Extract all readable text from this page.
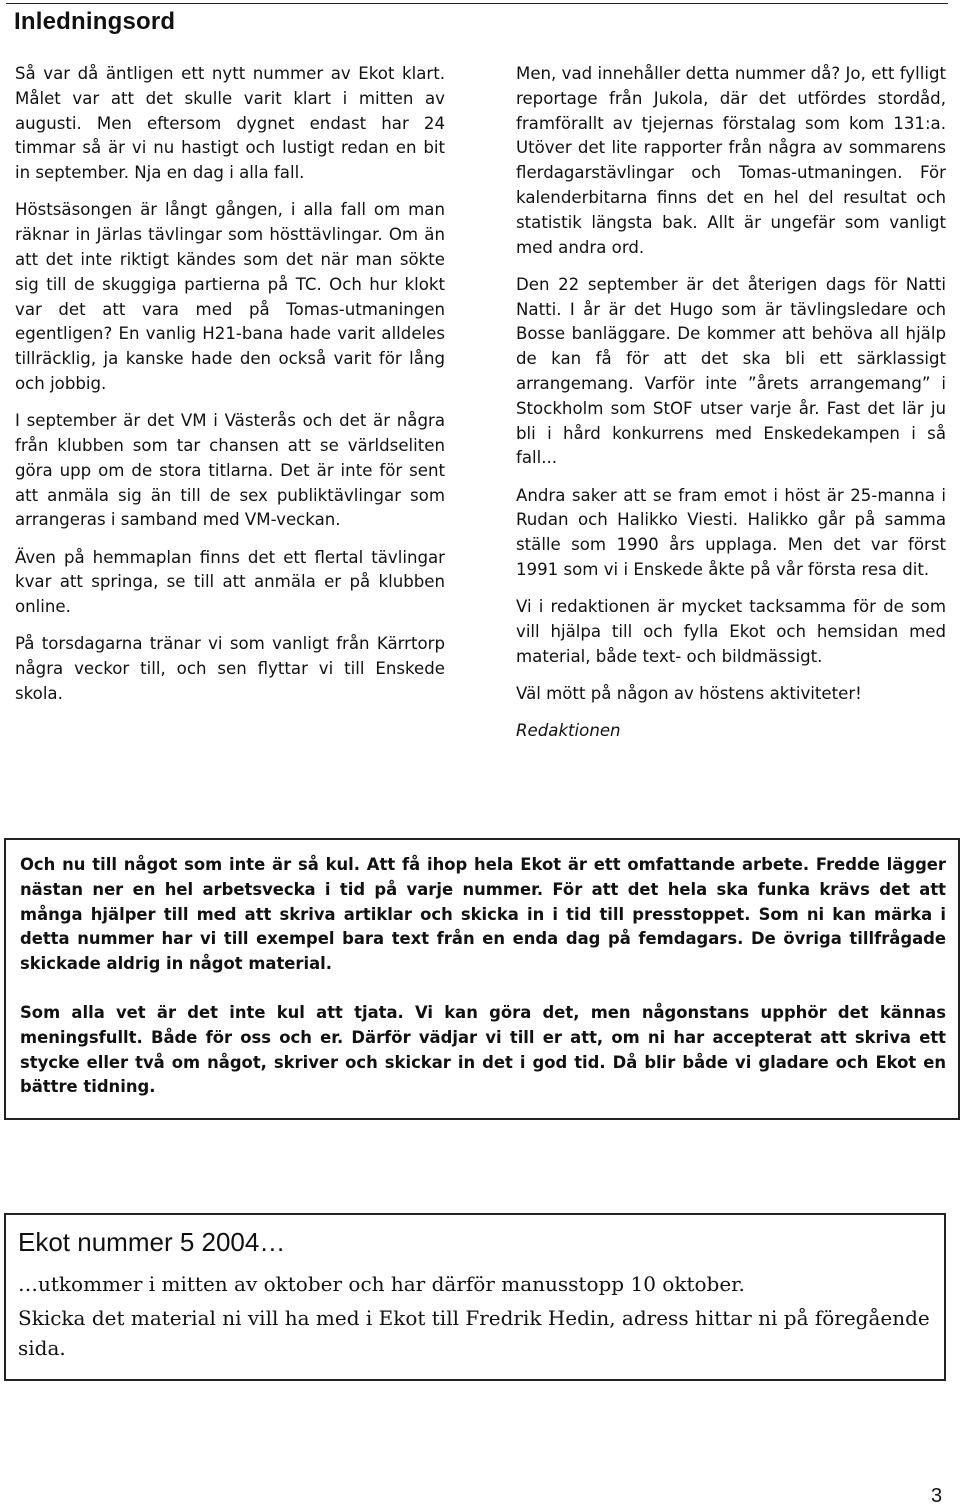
Inledningsord

Så var då äntligen ett nytt nummer av Ekot klart. Målet var att det skulle varit klart i mitten av augusti. Men eftersom dygnet endast har 24 timmar så är vi nu hastigt och lustigt redan en bit in september. Nja en dag i alla fall.

Höstsäsongen är långt gången, i alla fall om man räknar in Järlas tävlingar som hösttävlingar. Om än att det inte riktigt kändes som det när man sökte sig till de skuggiga partierna på TC. Och hur klokt var det att vara med på Tomas-utmaningen egentligen? En vanlig H21-bana hade varit alldeles tillräcklig, ja kanske hade den också varit för lång och jobbig.

I september är det VM i Västerås och det är några från klubben som tar chansen att se världseliten göra upp om de stora titlarna. Det är inte för sent att anmäla sig än till de sex publiktävlingar som arrangeras i samband med VM-veckan.

Även på hemmaplan finns det ett flertal tävlingar kvar att springa, se till att anmäla er på klubben online.

På torsdagarna tränar vi som vanligt från Kärrtorp några veckor till, och sen flyttar vi till Enskede skola.

Men, vad innehåller detta nummer då? Jo, ett fylligt reportage från Jukola, där det utfördes stordåd, framförallt av tjejernas förstalag som kom 131:a. Utöver det lite rapporter från några av sommarens flerdagarstävlingar och Tomas-utmaningen. För kalenderbitarna finns det en hel del resultat och statistik längsta bak. Allt är ungefär som vanligt med andra ord.

Den 22 september är det återigen dags för Natti Natti. I år är det Hugo som är tävlingsledare och Bosse banläggare. De kommer att behöva all hjälp de kan få för att det ska bli ett särklassigt arrangemang. Varför inte ”årets arrangemang” i Stockholm som StOF utser varje år. Fast det lär ju bli i hård konkurrens med Enskedekampen i så fall...

Andra saker att se fram emot i höst är 25-manna i Rudan och Halikko Viesti. Halikko går på samma ställe som 1990 års upplaga. Men det var först 1991 som vi i Enskede åkte på vår första resa dit.

Vi i redaktionen är mycket tacksamma för de som vill hjälpa till och fylla Ekot och hemsidan med material, både text- och bildmässigt.

Väl mött på någon av höstens aktiviteter!

Redaktionen

Och nu till något som inte är så kul. Att få ihop hela Ekot är ett omfattande arbete. Fredde lägger nästan ner en hel arbetsvecka i tid på varje nummer. För att det hela ska funka krävs det att många hjälper till med att skriva artiklar och skicka in i tid till presstoppet. Som ni kan märka i detta nummer har vi till exempel bara text från en enda dag på femdagars. De övriga tillfrågade skickade aldrig in något material.

Som alla vet är det inte kul att tjata. Vi kan göra det, men någonstans upphör det kännas meningsfullt. Både för oss och er. Därför vädjar vi till er att, om ni har accepterat att skriva ett stycke eller två om något, skriver och skickar in det i god tid. Då blir både vi gladare och Ekot en bättre tidning.

Ekot nummer 5 2004…
…utkommer i mitten av oktober och har därför manusstopp 10 oktober.
Skicka det material ni vill ha med i Ekot till Fredrik Hedin, adress hittar ni på föregående sida.
3
